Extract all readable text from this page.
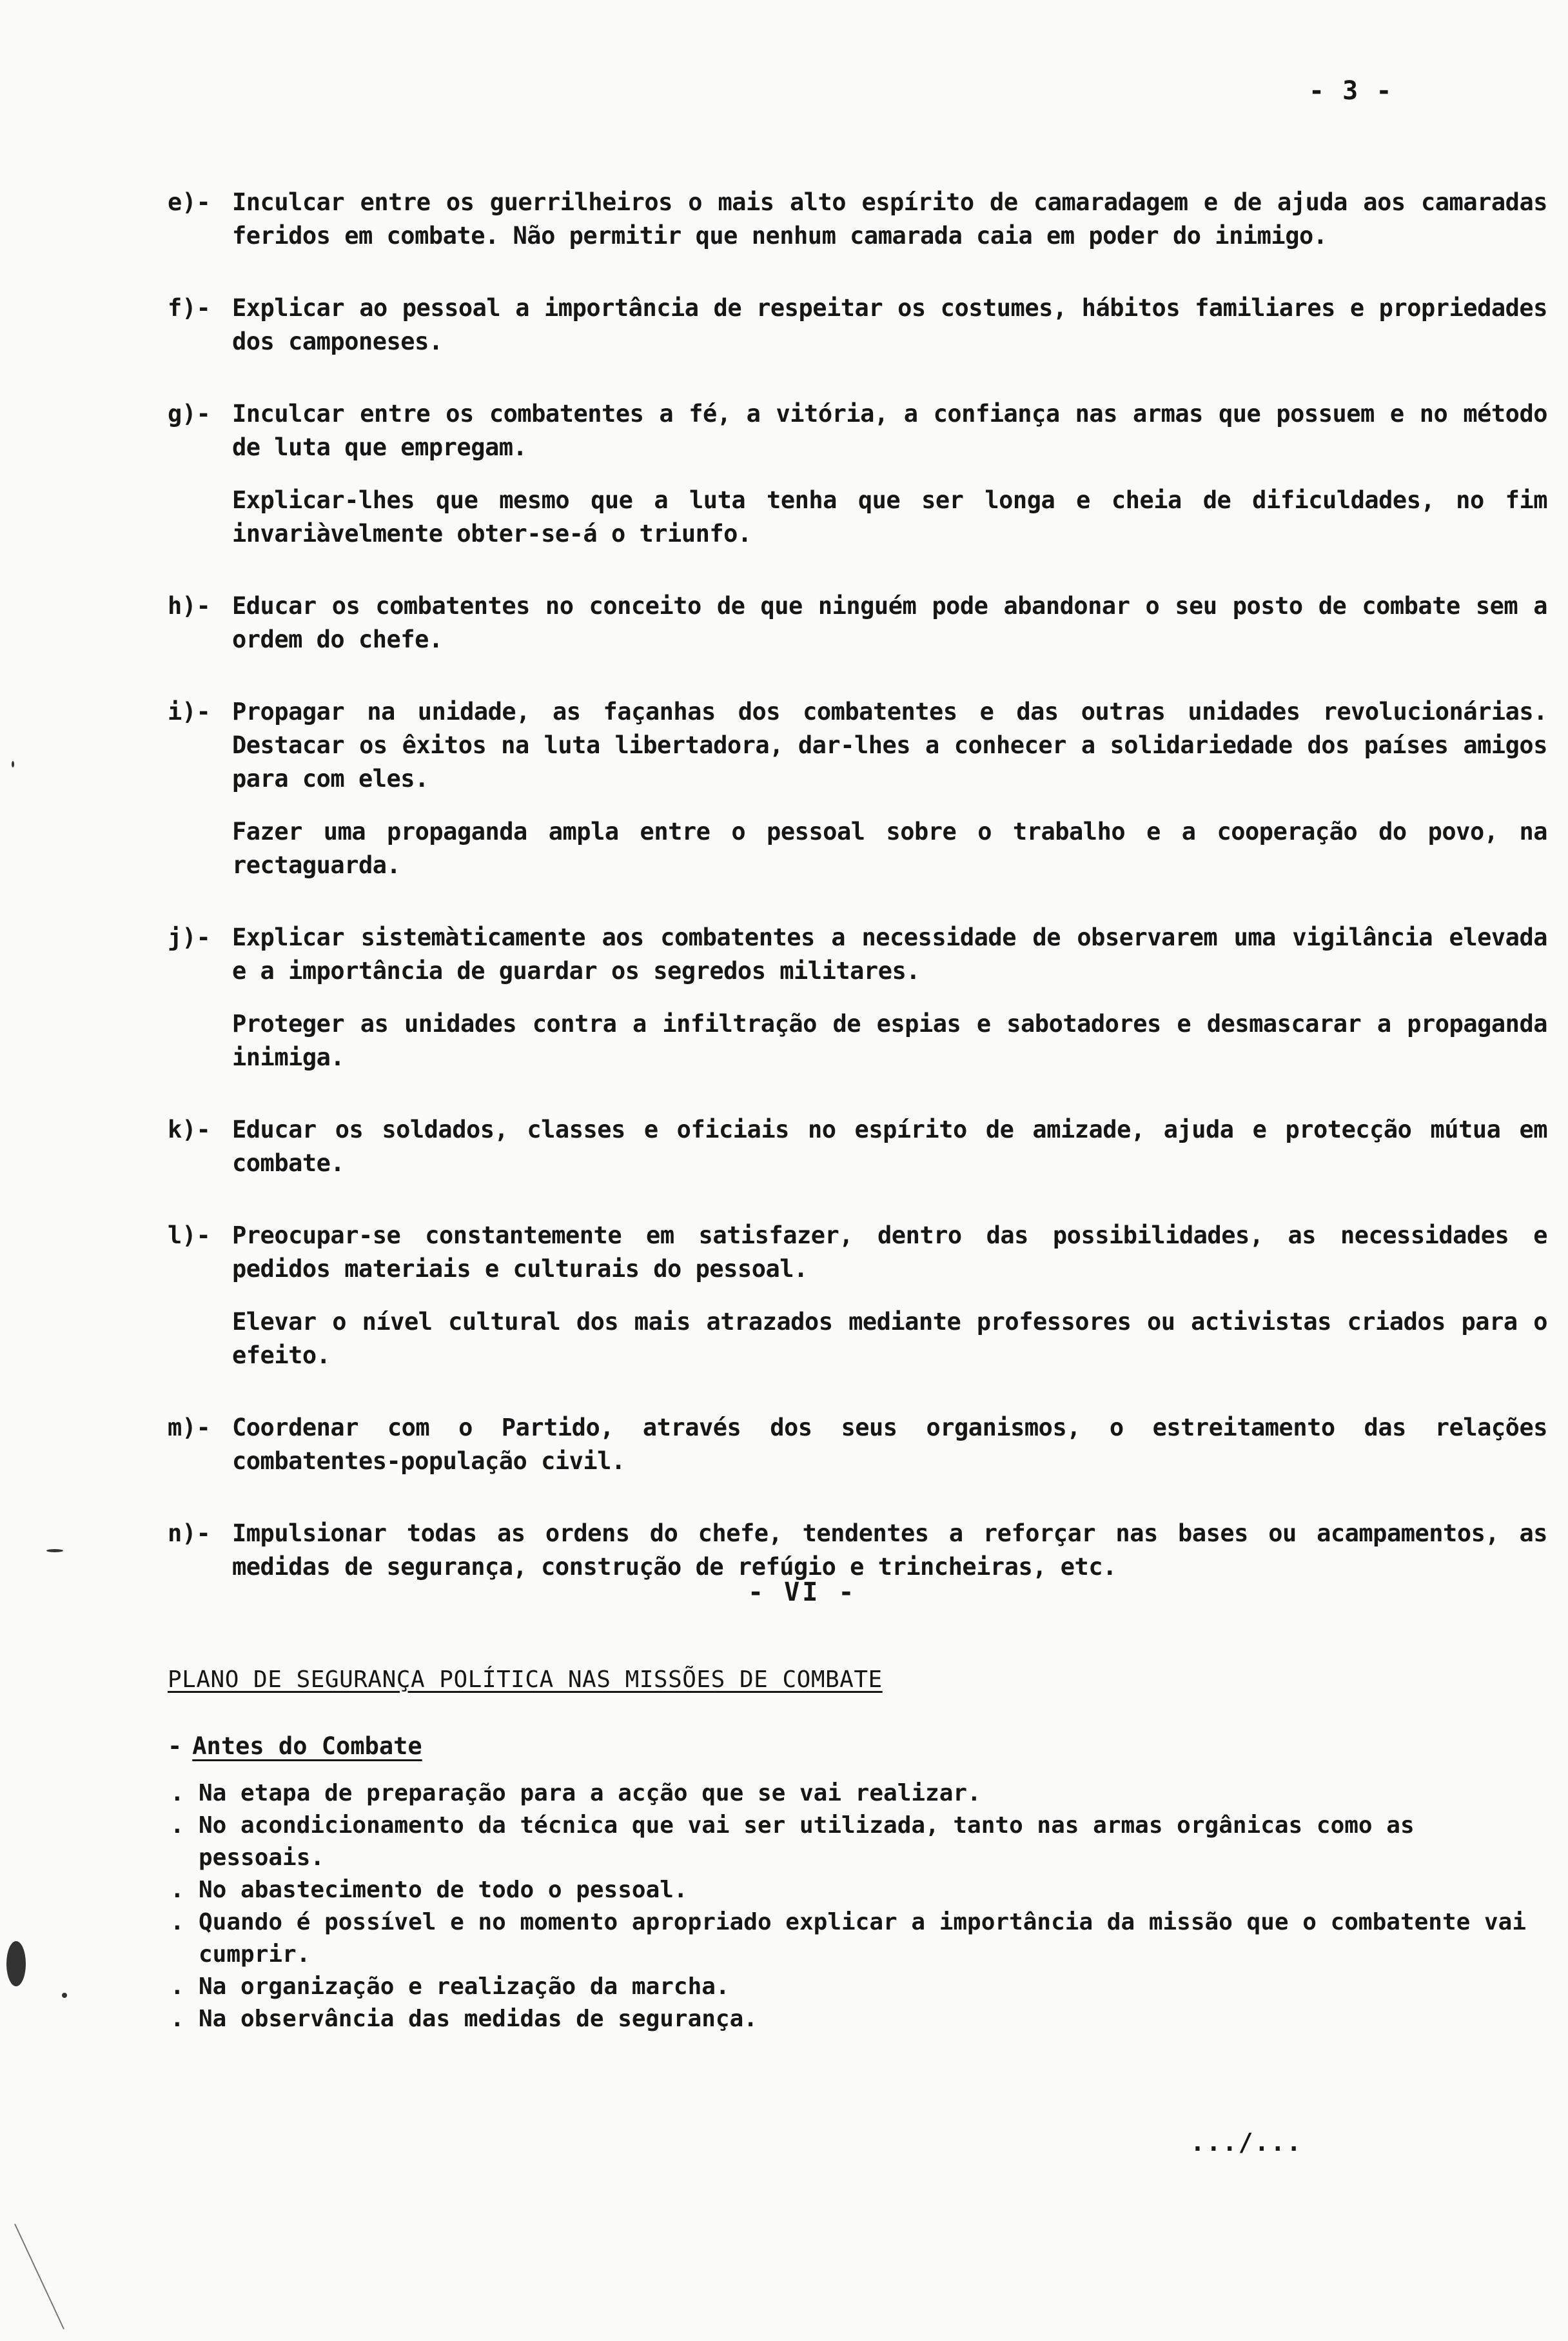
- 3 -
e)- Inculcar entre os guerrilheiros o mais alto espírito de camaradagem e de ajuda aos camaradas feridos em combate. Não permitir que nenhum camarada caia em poder do inimigo.
f)- Explicar ao pessoal a importância de respeitar os costumes, hábitos familiares e propriedades dos camponeses.
g)- Inculcar entre os combatentes a fé, a vitória, a confiança nas armas que possuem e no método de luta que empregam.
Explicar-lhes que mesmo que a luta tenha que ser longa e cheia de dificuldades, no fim invariàvelmente obter-se-á o triunfo.
h)- Educar os combatentes no conceito de que ninguém pode abandonar o seu posto de combate sem a ordem do chefe.
i)- Propagar na unidade, as façanhas dos combatentes e das outras unidades revolucionárias. Destacar os êxitos na luta libertadora, dar-lhes a conhecer a solidariedade dos países amigos para com eles.
Fazer uma propaganda ampla entre o pessoal sobre o trabalho e a cooperação do povo, na rectaguarda.
j)- Explicar sistemàticamente aos combatentes a necessidade de observarem uma vigilância elevada e a importância de guardar os segredos militares.
Proteger as unidades contra a infiltração de espias e sabotadores e desmascarar a propaganda inimiga.
k)- Educar os soldados, classes e oficiais no espírito de amizade, ajuda e protecção mútua em combate.
l)- Preocupar-se constantemente em satisfazer, dentro das possibilidades, as necessidades e pedidos materiais e culturais do pessoal.
Elevar o nível cultural dos mais atrazados mediante professores ou activistas criados para o efeito.
m)- Coordenar com o Partido, através dos seus organismos, o estreitamento das relações combatentes-população civil.
n)- Impulsionar todas as ordens do chefe, tendentes a reforçar nas bases ou acampamentos, as medidas de segurança, construção de refúgio e trincheiras, etc.
- VI -
PLANO DE SEGURANÇA POLÍTICA NAS MISSÕES DE COMBATE
- Antes do Combate
. Na etapa de preparação para a acção que se vai realizar.
. No acondicionamento da técnica que vai ser utilizada, tanto nas armas orgânicas como as pessoais.
. No abastecimento de todo o pessoal.
. Quando é possível e no momento apropriado explicar a importância da missão que o combatente vai cumprir.
. Na organização e realização da marcha.
. Na observância das medidas de segurança.
.../...
